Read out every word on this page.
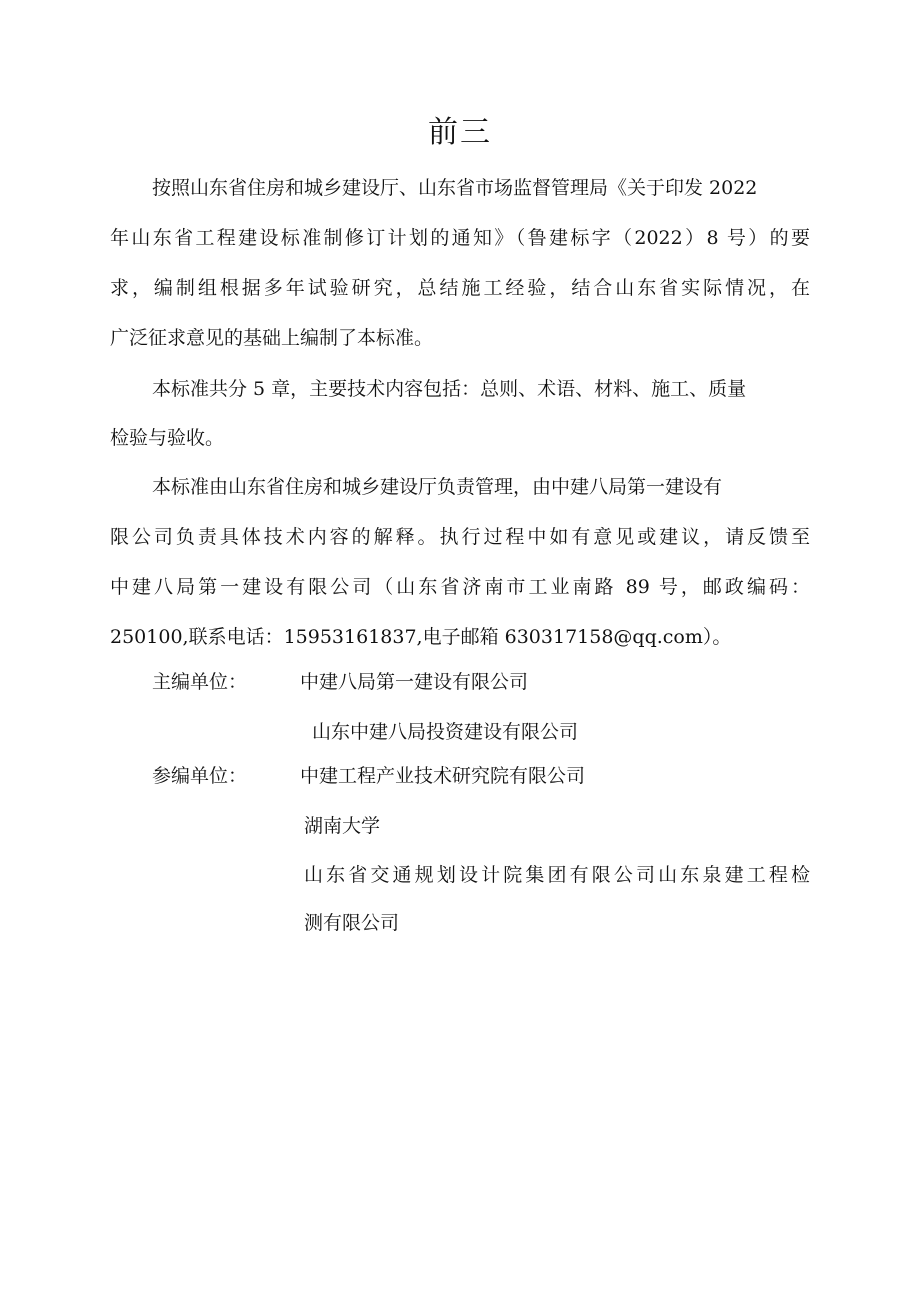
前三
按照山东省住房和城乡建设厅、山东省市场监督管理局《关于印发 2022
年山东省工程建设标准制修订计划的通知》（鲁建标字（2022）8 号）的要
求，编制组根据多年试验研究，总结施工经验，结合山东省实际情况，在
广泛征求意见的基础上编制了本标准。
本标准共分 5 章，主要技术内容包括：总则、术语、材料、施工、质量
检验与验收。
本标准由山东省住房和城乡建设厅负责管理，由中建八局第一建设有
限公司负责具体技术内容的解释。执行过程中如有意见或建议，请反馈至
中建八局第一建设有限公司（山东省济南市工业南路 89 号，邮政编码：
250100,联系电话：15953161837,电子邮箱 630317158@qq.com）。
主编单位：	中建八局第一建设有限公司
山东中建八局投资建设有限公司
参编单位：	中建工程产业技术研究院有限公司
湖南大学
山东省交通规划设计院集团有限公司山东泉建工程检
测有限公司
